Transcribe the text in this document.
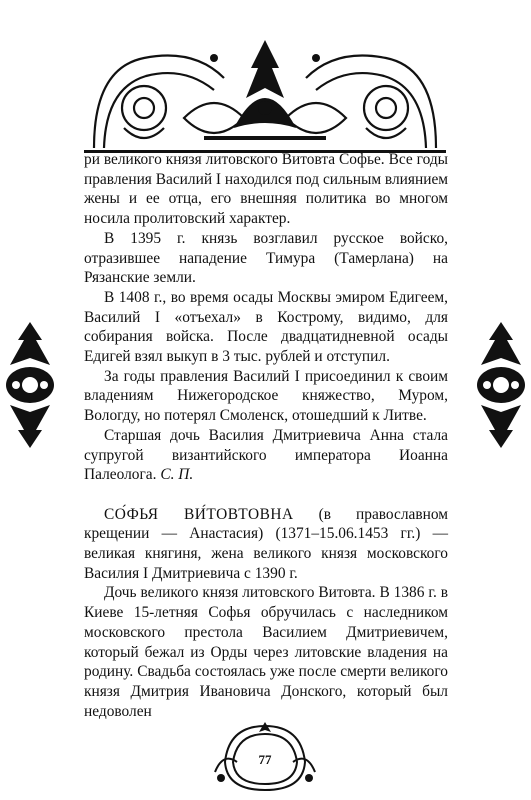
ри великого князя литовского Витовта Софье. Все годы правления Василий I находился под сильным влиянием жены и ее отца, его внешняя политика во многом носила пролитовский характер.

В 1395 г. князь возглавил русское войско, отразившее нападение Тимура (Тамерлана) на Рязанские земли.

В 1408 г., во время осады Москвы эмиром Едигеем, Василий I «отъехал» в Кострому, видимо, для собирания войска. После двадцатидневной осады Едигей взял выкуп в 3 тыс. рублей и отступил.

За годы правления Василий I присоединил к своим владениям Нижегородское княжество, Муром, Вологду, но потерял Смоленск, отошедший к Литве.

Старшая дочь Василия Дмитриевича Анна стала супругой византийского императора Иоанна Палеолога. С. П.

СО́ФЬЯ ВИ́ТОВТОВНА (в православном крещении — Анастасия) (1371–15.06.1453 гг.) — великая княгиня, жена великого князя московского Василия I Дмитриевича с 1390 г.

Дочь великого князя литовского Витовта. В 1386 г. в Киеве 15-летняя Софья обручилась с наследником московского престола Василием Дмитриевичем, который бежал из Орды через литовские владения на родину. Свадьба состоялась уже после смерти великого князя Дмитрия Ивановича Донского, который был недоволен

77
